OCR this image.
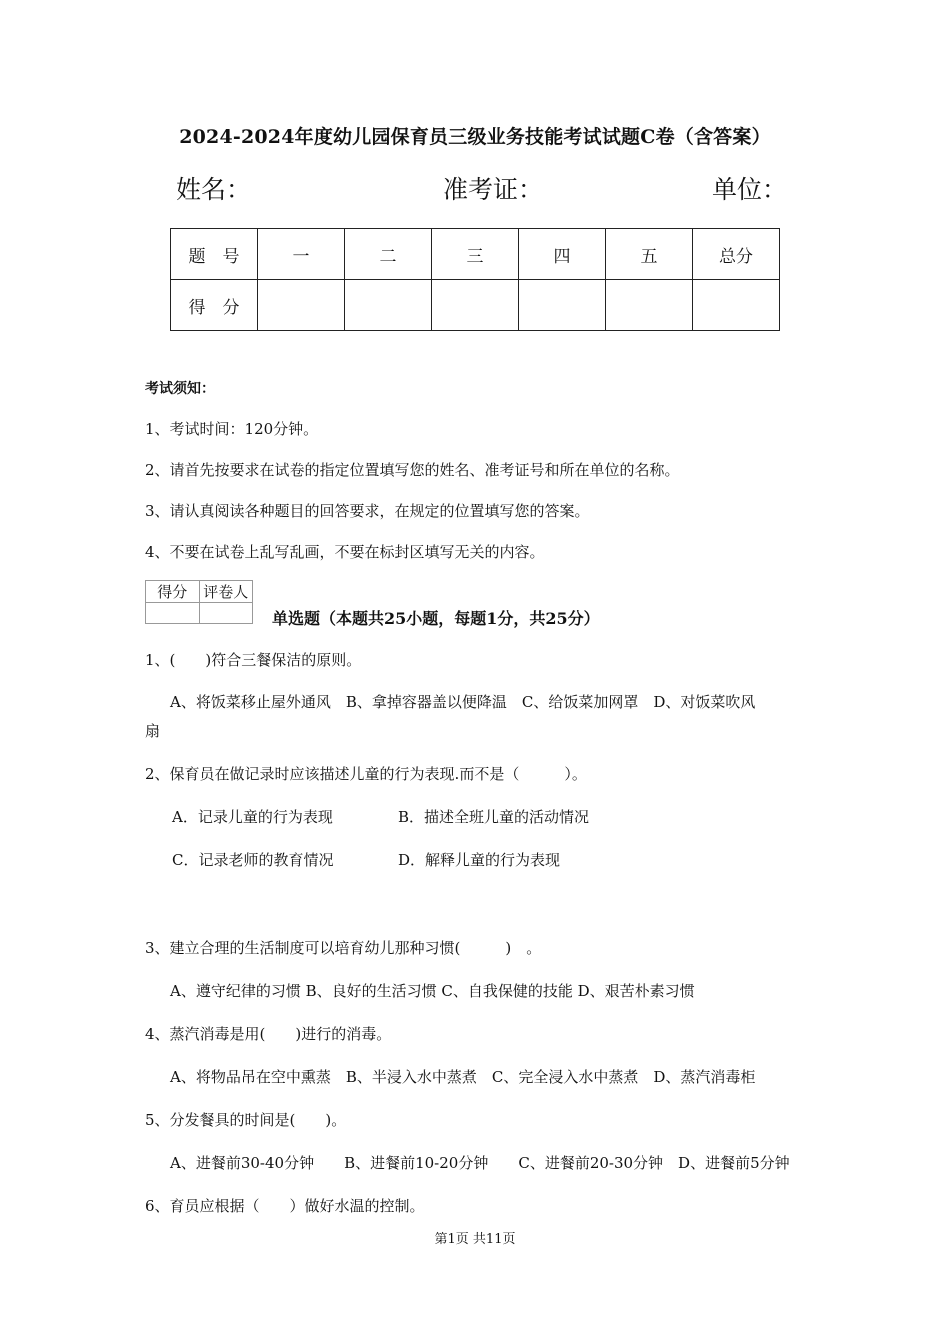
2024-2024年度幼儿园保育员三级业务技能考试试题C卷（含答案）
姓名：	准考证：	单位：
题　号	一	二	三	四	五	总分
得　分						
考试须知：
1、考试时间：120分钟。
2、请首先按要求在试卷的指定位置填写您的姓名、准考证号和所在单位的名称。
3、请认真阅读各种题目的回答要求，在规定的位置填写您的答案。
4、不要在试卷上乱写乱画，不要在标封区填写无关的内容。
得分	评卷人

单选题（本题共25小题，每题1分，共25分）
1、(　　)符合三餐保洁的原则。
A、将饭菜移止屋外通风　B、拿掉容器盖以便降温　C、给饭菜加网罩　D、对饭菜吹风
扇
2、保育员在做记录时应该描述儿童的行为表现.而不是（　　　）。
A．记录儿童的行为表现	B．描述全班儿童的活动情况
C．记录老师的教育情况	D．解释儿童的行为表现
3、建立合理的生活制度可以培育幼儿那种习惯(　　　)　。
A、遵守纪律的习惯 B、良好的生活习惯 C、自我保健的技能 D、艰苦朴素习惯
4、蒸汽消毒是用(　　)进行的消毒。
A、将物品吊在空中熏蒸　B、半浸入水中蒸煮　C、完全浸入水中蒸煮　D、蒸汽消毒柜
5、分发餐具的时间是(　　)。
A、进餐前30-40分钟　　B、进餐前10-20分钟　　C、进餐前20-30分钟　D、进餐前5分钟
6、育员应根据（　　）做好水温的控制。
第1页 共11页
